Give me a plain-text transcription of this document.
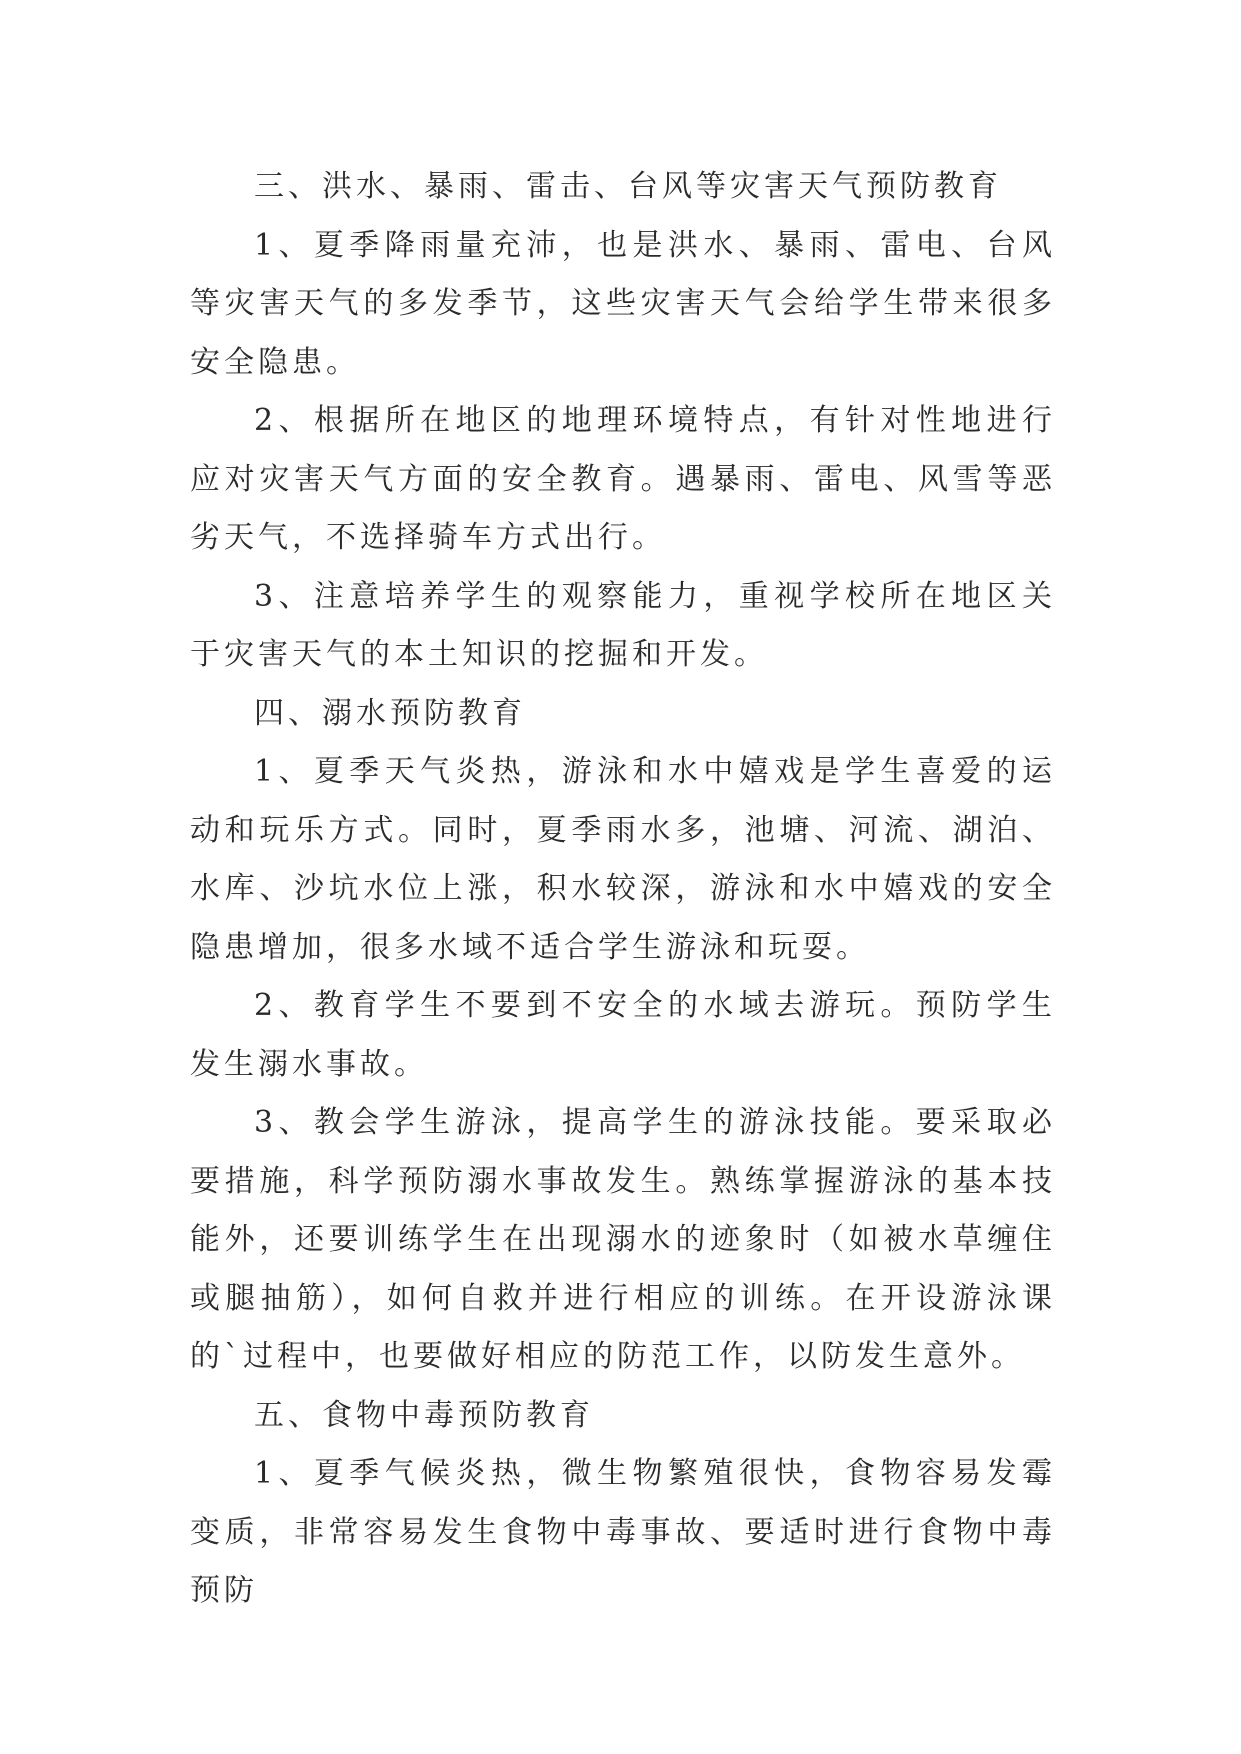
三、洪水、暴雨、雷击、台风等灾害天气预防教育

1、夏季降雨量充沛，也是洪水、暴雨、雷电、台风等灾害天气的多发季节，这些灾害天气会给学生带来很多安全隐患。

2、根据所在地区的地理环境特点，有针对性地进行应对灾害天气方面的安全教育。遇暴雨、雷电、风雪等恶劣天气，不选择骑车方式出行。

3、注意培养学生的观察能力，重视学校所在地区关于灾害天气的本土知识的挖掘和开发。

四、溺水预防教育

1、夏季天气炎热，游泳和水中嬉戏是学生喜爱的运动和玩乐方式。同时，夏季雨水多，池塘、河流、湖泊、水库、沙坑水位上涨，积水较深，游泳和水中嬉戏的安全隐患增加，很多水域不适合学生游泳和玩耍。

2、教育学生不要到不安全的水域去游玩。预防学生发生溺水事故。

3、教会学生游泳，提高学生的游泳技能。要采取必要措施，科学预防溺水事故发生。熟练掌握游泳的基本技能外，还要训练学生在出现溺水的迹象时（如被水草缠住或腿抽筋），如何自救并进行相应的训练。在开设游泳课的`过程中，也要做好相应的防范工作，以防发生意外。

五、食物中毒预防教育

1、夏季气候炎热，微生物繁殖很快，食物容易发霉变质，非常容易发生食物中毒事故、要适时进行食物中毒预防
